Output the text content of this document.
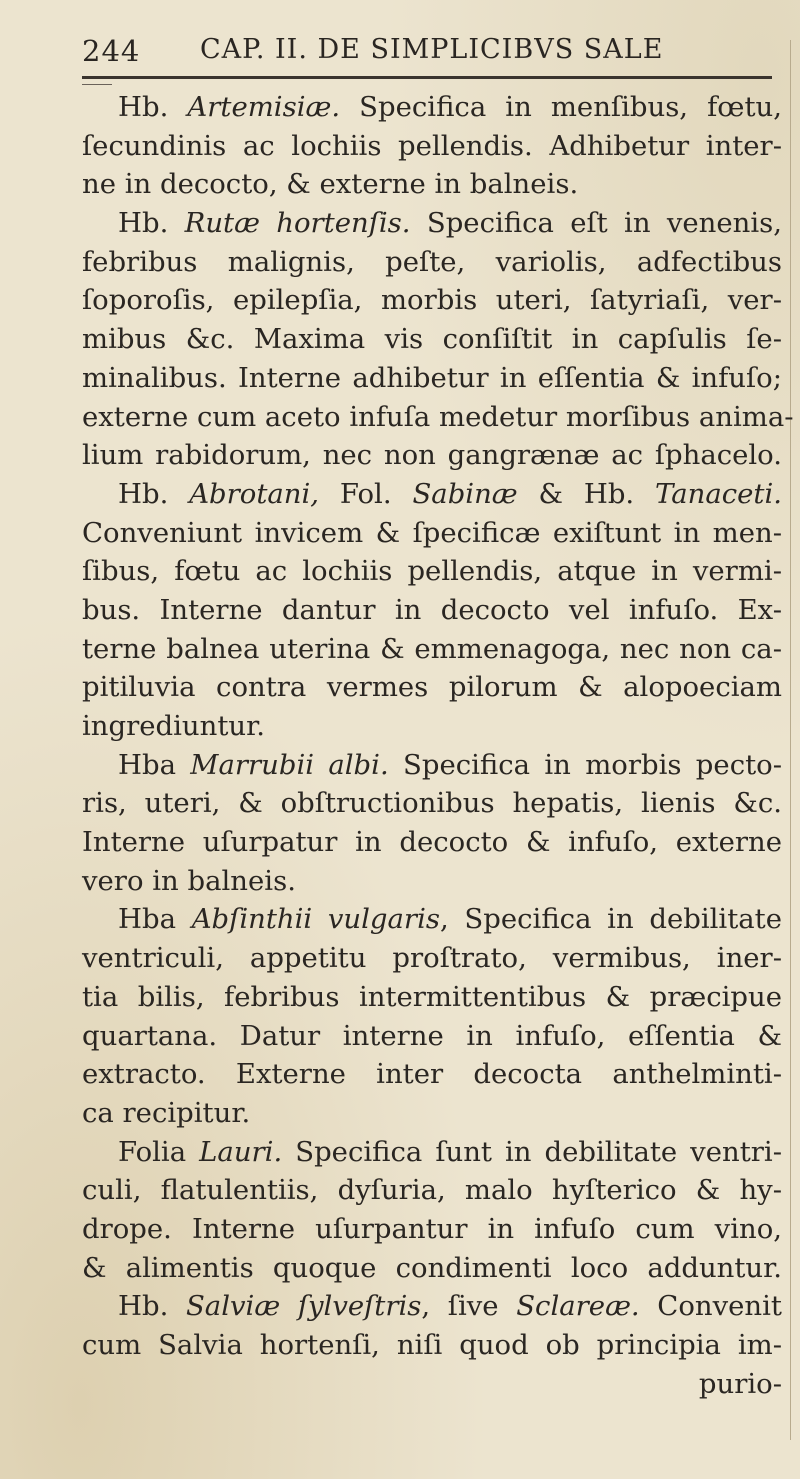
244 CAP. II. DE SIMPLICIBVS SALE
Hb. Artemisiæ. Specifica in menſibus, fœtu,
ſecundinis ac lochiis pellendis. Adhibetur inter-
ne in decocto, & externe in balneis.
Hb. Rutæ hortenſis. Specifica eſt in venenis,
febribus malignis, peſte, variolis, adfectibus
ſoporoſis, epilepſia, morbis uteri, ſatyriaſi, ver-
mibus &c. Maxima vis conſiſtit in capſulis ſe-
minalibus. Interne adhibetur in eſſentia & infuſo;
externe cum aceto infuſa medetur morſibus anima-
lium rabidorum, nec non gangrænæ ac ſphacelo.
Hb. Abrotani, Fol. Sabinæ & Hb. Tanaceti.
Conveniunt invicem & ſpecificæ exiſtunt in men-
ſibus, fœtu ac lochiis pellendis, atque in vermi-
bus. Interne dantur in decocto vel infuſo. Ex-
terne balnea uterina & emmenagoga, nec non ca-
pitiluvia contra vermes pilorum & alopoeciam
ingrediuntur.
Hba Marrubii albi. Specifica in morbis pecto-
ris, uteri, & obſtructionibus hepatis, lienis &c.
Interne uſurpatur in decocto & infuſo, externe
vero in balneis.
Hba Abſinthii vulgaris, Specifica in debilitate
ventriculi, appetitu proſtrato, vermibus, iner-
tia bilis, febribus intermittentibus & præcipue
quartana. Datur interne in infuſo, eſſentia &
extracto. Externe inter decocta anthelminti-
ca recipitur.
Folia Lauri. Specifica ſunt in debilitate ventri-
culi, flatulentiis, dyſuria, malo hyſterico & hy-
drope. Interne uſurpantur in infuſo cum vino,
& alimentis quoque condimenti loco adduntur.
Hb. Salviæ ſylveſtris, ſive Sclareæ. Convenit
cum Salvia hortenſi, niſi quod ob principia im-
purio-
